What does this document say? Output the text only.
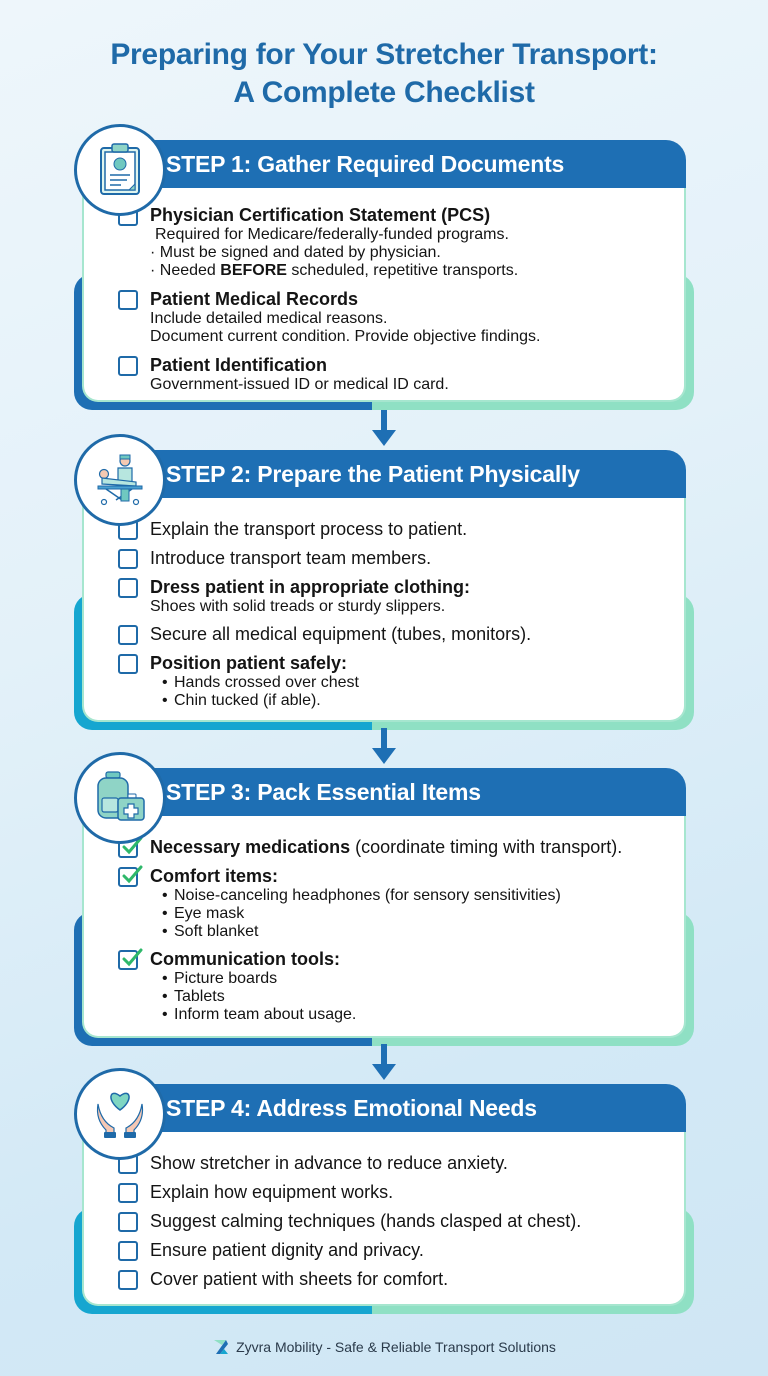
Preparing for Your Stretcher Transport:
A Complete Checklist
STEP 1: Gather Required Documents
Physician Certification Statement (PCS)
Required for Medicare/federally-funded programs.
· Must be signed and dated by physician.
· Needed BEFORE scheduled, repetitive transports.
Patient Medical Records
Include detailed medical reasons.
Document current condition. Provide objective findings.
Patient Identification
Government-issued ID or medical ID card.
STEP 2: Prepare the Patient Physically
Explain the transport process to patient.
Introduce transport team members.
Dress patient in appropriate clothing:
Shoes with solid treads or sturdy slippers.
Secure all medical equipment (tubes, monitors).
Position patient safely:
• Hands crossed over chest
• Chin tucked (if able).
STEP 3: Pack Essential Items
Necessary medications (coordinate timing with transport).
Comfort items:
• Noise-canceling headphones (for sensory sensitivities)
• Eye mask
• Soft blanket
Communication tools:
• Picture boards
• Tablets
• Inform team about usage.
STEP 4: Address Emotional Needs
Show stretcher in advance to reduce anxiety.
Explain how equipment works.
Suggest calming techniques (hands clasped at chest).
Ensure patient dignity and privacy.
Cover patient with sheets for comfort.
Zyvra Mobility - Safe & Reliable Transport Solutions
